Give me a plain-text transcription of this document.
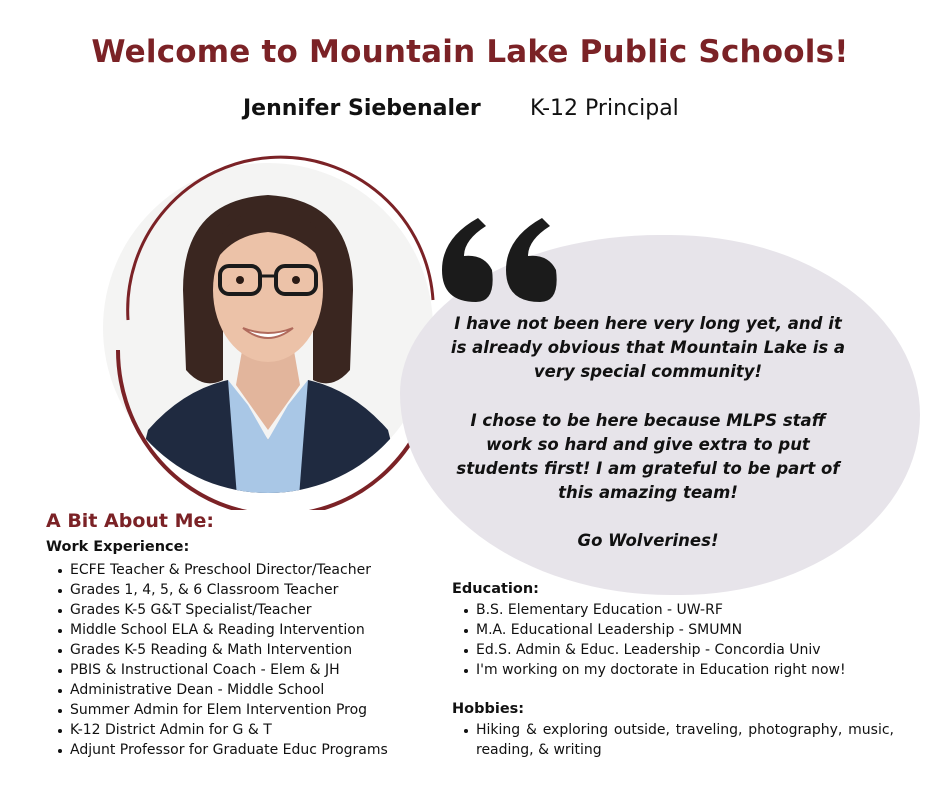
Welcome to Mountain Lake Public Schools!
Jennifer Siebenaler K-12 Principal

I have not been here very long yet, and it is already obvious that Mountain Lake is a very special community!

I chose to be here because MLPS staff work so hard and give extra to put students first! I am grateful to be part of this amazing team!

Go Wolverines!

A Bit About Me:
Work Experience:
ECFE Teacher & Preschool Director/Teacher
Grades 1, 4, 5, & 6 Classroom Teacher
Grades K-5 G&T Specialist/Teacher
Middle School ELA & Reading Intervention
Grades K-5 Reading & Math Intervention
PBIS & Instructional Coach - Elem & JH
Administrative Dean - Middle School
Summer Admin for Elem Intervention Prog
K-12 District Admin for G & T
Adjunt Professor for Graduate Educ Programs
Education:
B.S. Elementary Education - UW-RF
M.A. Educational Leadership - SMUMN
Ed.S. Admin & Educ. Leadership - Concordia Univ
I'm working on my doctorate in Education right now!
Hobbies:
Hiking & exploring outside, traveling, photography, music, reading, & writing
